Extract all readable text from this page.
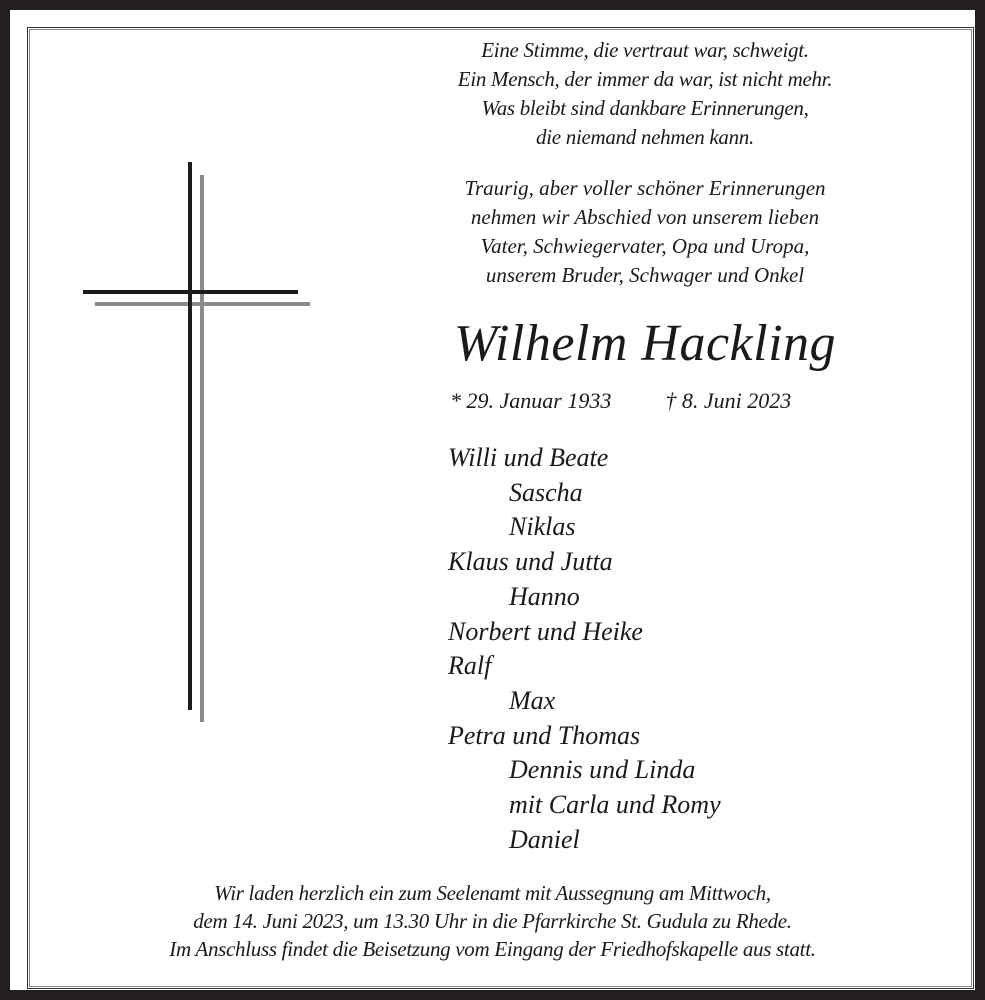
Eine Stimme, die vertraut war, schweigt.
Ein Mensch, der immer da war, ist nicht mehr.
Was bleibt sind dankbare Erinnerungen,
die niemand nehmen kann.
Traurig, aber voller schöner Erinnerungen
nehmen wir Abschied von unserem lieben
Vater, Schwiegervater, Opa und Uropa,
unserem Bruder, Schwager und Onkel
Wilhelm Hackling
* 29. Januar 1933 † 8. Juni 2023
Willi und Beate
Sascha
Niklas
Klaus und Jutta
Hanno
Norbert und Heike
Ralf
Max
Petra und Thomas
Dennis und Linda
mit Carla und Romy
Daniel
Wir laden herzlich ein zum Seelenamt mit Aussegnung am Mittwoch,
dem 14. Juni 2023, um 13.30 Uhr in die Pfarrkirche St. Gudula zu Rhede.
Im Anschluss findet die Beisetzung vom Eingang der Friedhofskapelle aus statt.
